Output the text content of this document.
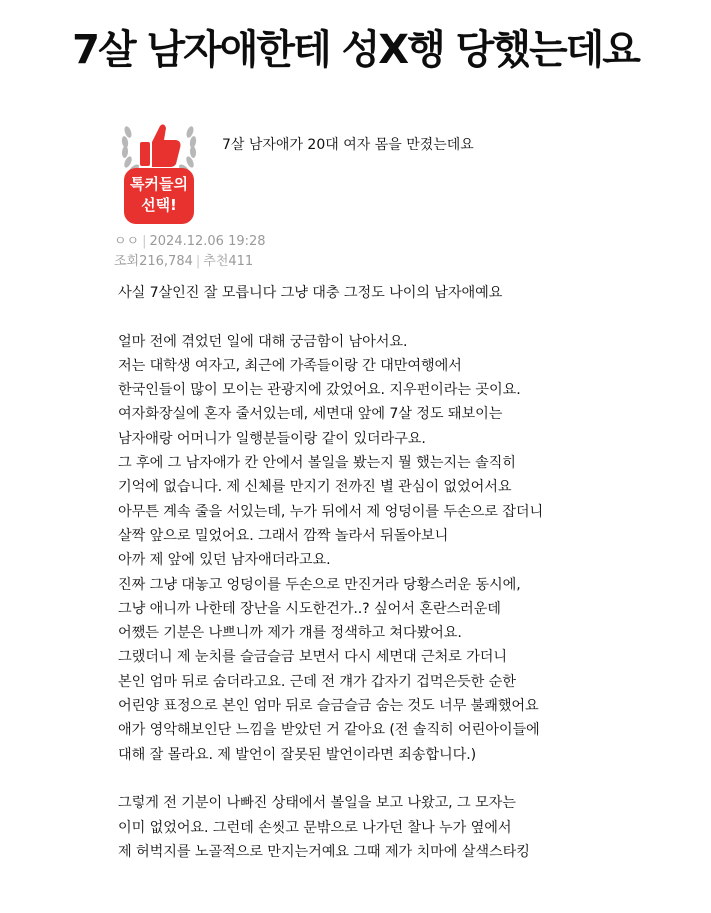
7살 남자애한테 성X행 당했는데요
톡커들의
선택!
7살 남자애가 20대 여자 몸을 만졌는데요
ㅇㅇ | 2024.12.06 19:28
조회216,784 | 추천411
사실 7살인진 잘 모릅니다 그냥 대충 그정도 나이의 남자애예요
얼마 전에 겪었던 일에 대해 궁금함이 남아서요.
저는 대학생 여자고, 최근에 가족들이랑 간 대만여행에서
한국인들이 많이 모이는 관광지에 갔었어요. 지우펀이라는 곳이요.
여자화장실에 혼자 줄서있는데, 세면대 앞에 7살 정도 돼보이는
남자애랑 어머니가 일행분들이랑 같이 있더라구요.
그 후에 그 남자애가 칸 안에서 볼일을 봤는지 뭘 했는지는 솔직히
기억에 없습니다. 제 신체를 만지기 전까진 별 관심이 없었어서요
아무튼 계속 줄을 서있는데, 누가 뒤에서 제 엉덩이를 두손으로 잡더니
살짝 앞으로 밀었어요. 그래서 깜짝 놀라서 뒤돌아보니
아까 제 앞에 있던 남자애더라고요.
진짜 그냥 대놓고 엉덩이를 두손으로 만진거라 당황스러운 동시에,
그냥 애니까 나한테 장난을 시도한건가..? 싶어서 혼란스러운데
어쨌든 기분은 나쁘니까 제가 걔를 정색하고 쳐다봤어요.
그랬더니 제 눈치를 슬금슬금 보면서 다시 세면대 근처로 가더니
본인 엄마 뒤로 숨더라고요. 근데 전 걔가 갑자기 겁먹은듯한 순한
어린양 표정으로 본인 엄마 뒤로 슬금슬금 숨는 것도 너무 불쾌했어요
애가 영악해보인단 느낌을 받았던 거 같아요 (전 솔직히 어린아이들에
대해 잘 몰라요. 제 발언이 잘못된 발언이라면 죄송합니다.)
그렇게 전 기분이 나빠진 상태에서 볼일을 보고 나왔고, 그 모자는
이미 없었어요. 그런데 손씻고 문밖으로 나가던 찰나 누가 옆에서
제 허벅지를 노골적으로 만지는거예요 그때 제가 치마에 살색스타킹
